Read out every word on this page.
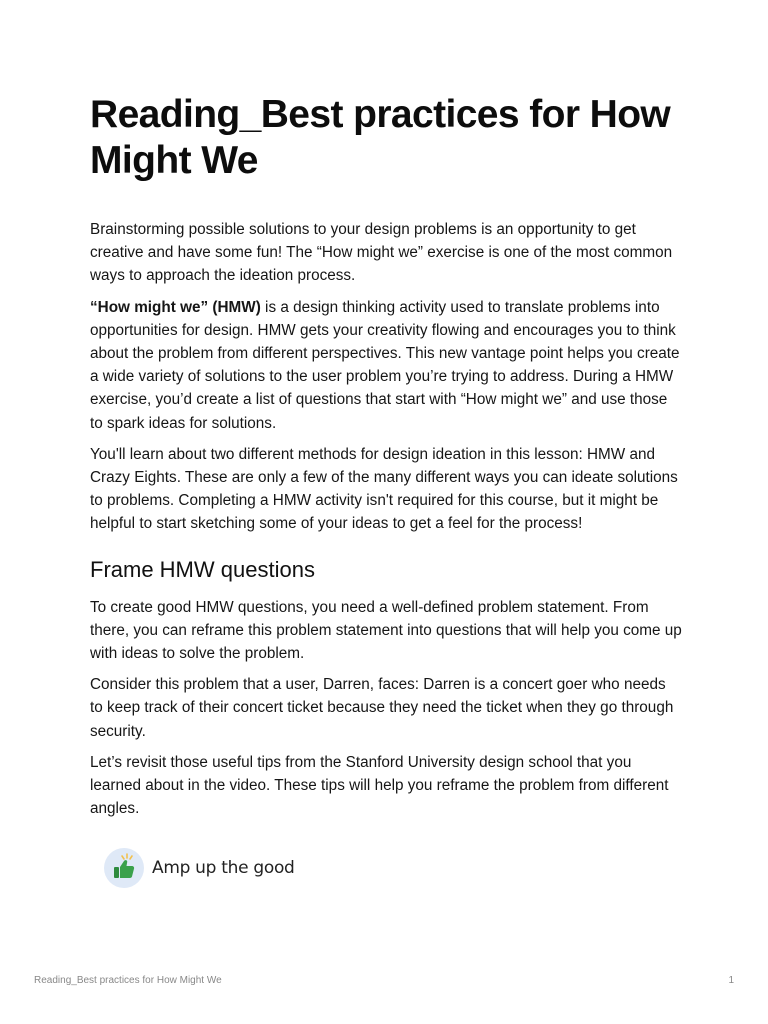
Reading_Best practices for How Might We

Brainstorming possible solutions to your design problems is an opportunity to get creative and have some fun! The “How might we” exercise is one of the most common ways to approach the ideation process.

“How might we” (HMW) is a design thinking activity used to translate problems into opportunities for design. HMW gets your creativity flowing and encourages you to think about the problem from different perspectives. This new vantage point helps you create a wide variety of solutions to the user problem you’re trying to address. During a HMW exercise, you’d create a list of questions that start with “How might we” and use those to spark ideas for solutions.

You'll learn about two different methods for design ideation in this lesson: HMW and Crazy Eights. These are only a few of the many different ways you can ideate solutions to problems. Completing a HMW activity isn't required for this course, but it might be helpful to start sketching some of your ideas to get a feel for the process!

Frame HMW questions

To create good HMW questions, you need a well-defined problem statement. From there, you can reframe this problem statement into questions that will help you come up with ideas to solve the problem.

Consider this problem that a user, Darren, faces: Darren is a concert goer who needs to keep track of their concert ticket because they need the ticket when they go through security.

Let’s revisit those useful tips from the Stanford University design school that you learned about in the video. These tips will help you reframe the problem from different angles.

Amp up the good
Reading_Best practices for How Might We	1
